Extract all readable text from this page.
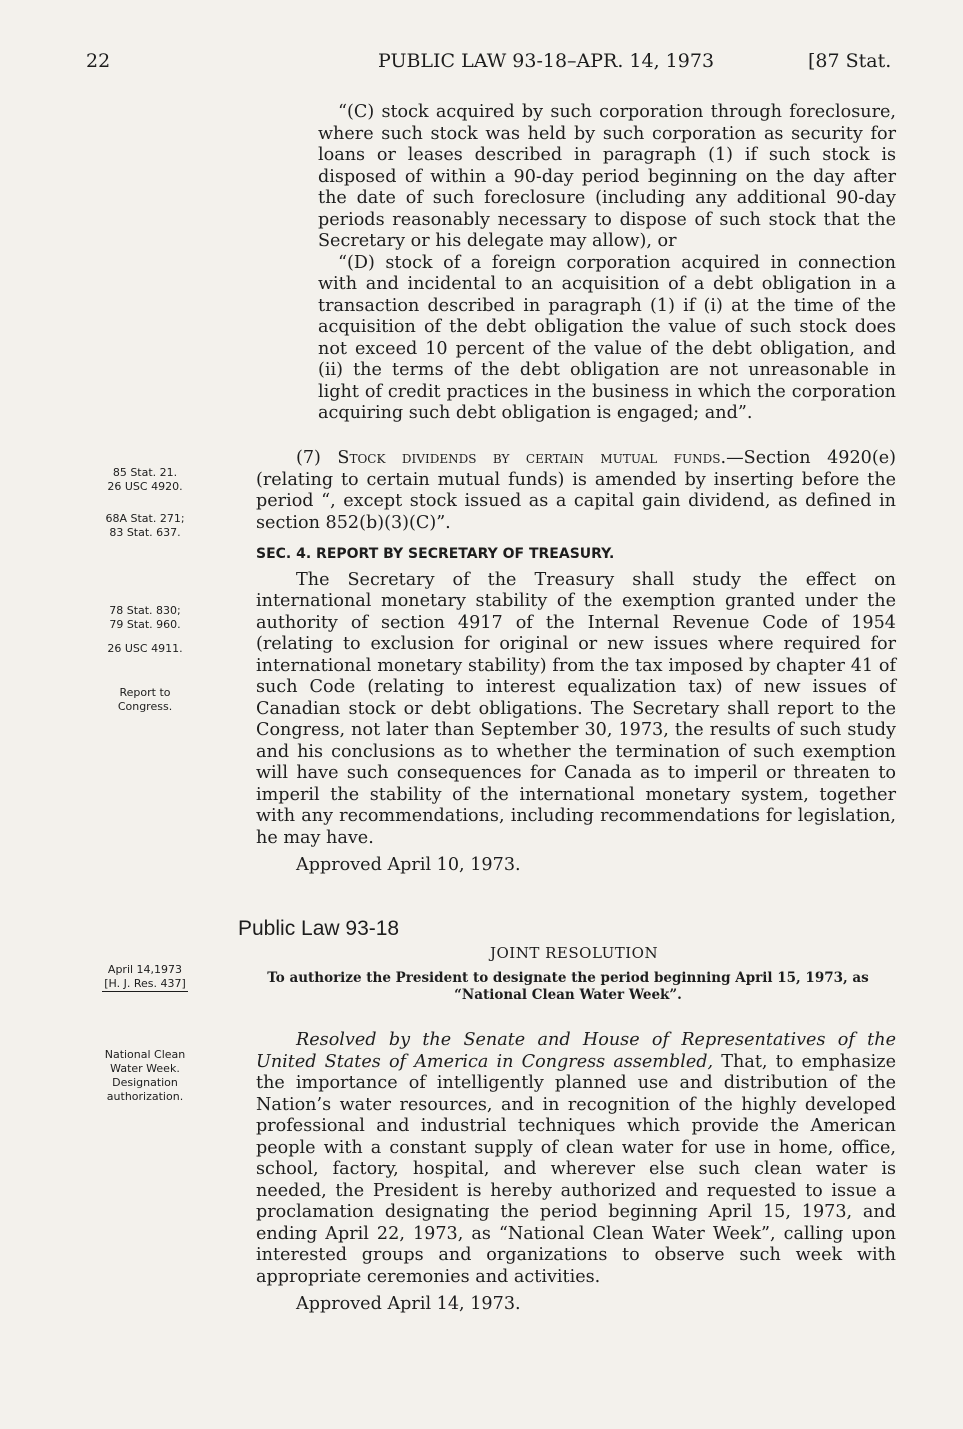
22	PUBLIC LAW 93-18–APR. 14, 1973	[87 Stat.

“(C) stock acquired by such corporation through foreclosure, where such stock was held by such corporation as security for loans or leases described in paragraph (1) if such stock is disposed of within a 90-day period beginning on the day after the date of such foreclosure (including any additional 90-day periods reasonably necessary to dispose of such stock that the Secretary or his delegate may allow), or

“(D) stock of a foreign corporation acquired in connection with and incidental to an acquisition of a debt obligation in a transaction described in paragraph (1) if (i) at the time of the acquisition of the debt obligation the value of such stock does not exceed 10 percent of the value of the debt obligation, and (ii) the terms of the debt obligation are not unreasonable in light of credit practices in the business in which the corporation acquiring such debt obligation is engaged; and”.

(7) Stock dividends by certain mutual funds.—Section 4920(e) (relating to certain mutual funds) is amended by inserting before the period “, except stock issued as a capital gain dividend, as defined in section 852(b)(3)(C)”.

SEC. 4. REPORT BY SECRETARY OF TREASURY.

The Secretary of the Treasury shall study the effect on international monetary stability of the exemption granted under the authority of section 4917 of the Internal Revenue Code of 1954 (relating to exclusion for original or new issues where required for international monetary stability) from the tax imposed by chapter 41 of such Code (relating to interest equalization tax) of new issues of Canadian stock or debt obligations. The Secretary shall report to the Congress, not later than September 30, 1973, the results of such study and his conclusions as to whether the termination of such exemption will have such consequences for Canada as to imperil or threaten to imperil the stability of the international monetary system, together with any recommendations, including recommendations for legislation, he may have.

Approved April 10, 1973.

Public Law 93-18
JOINT RESOLUTION
To authorize the President to designate the period beginning April 15, 1973, as “National Clean Water Week”.

Resolved by the Senate and House of Representatives of the United States of America in Congress assembled, That, to emphasize the importance of intelligently planned use and distribution of the Nation’s water resources, and in recognition of the highly developed professional and industrial techniques which provide the American people with a constant supply of clean water for use in home, office, school, factory, hospital, and wherever else such clean water is needed, the President is hereby authorized and requested to issue a proclamation designating the period beginning April 15, 1973, and ending April 22, 1973, as “National Clean Water Week”, calling upon interested groups and organizations to observe such week with appropriate ceremonies and activities.

Approved April 14, 1973.

85 Stat. 21.
26 USC 4920.
68A Stat. 271;
83 Stat. 637.
78 Stat. 830;
79 Stat. 960.
26 USC 4911.
Report to
Congress.
April 14,1973
[H. J. Res. 437]
National Clean
Water Week.
Designation
authorization.
